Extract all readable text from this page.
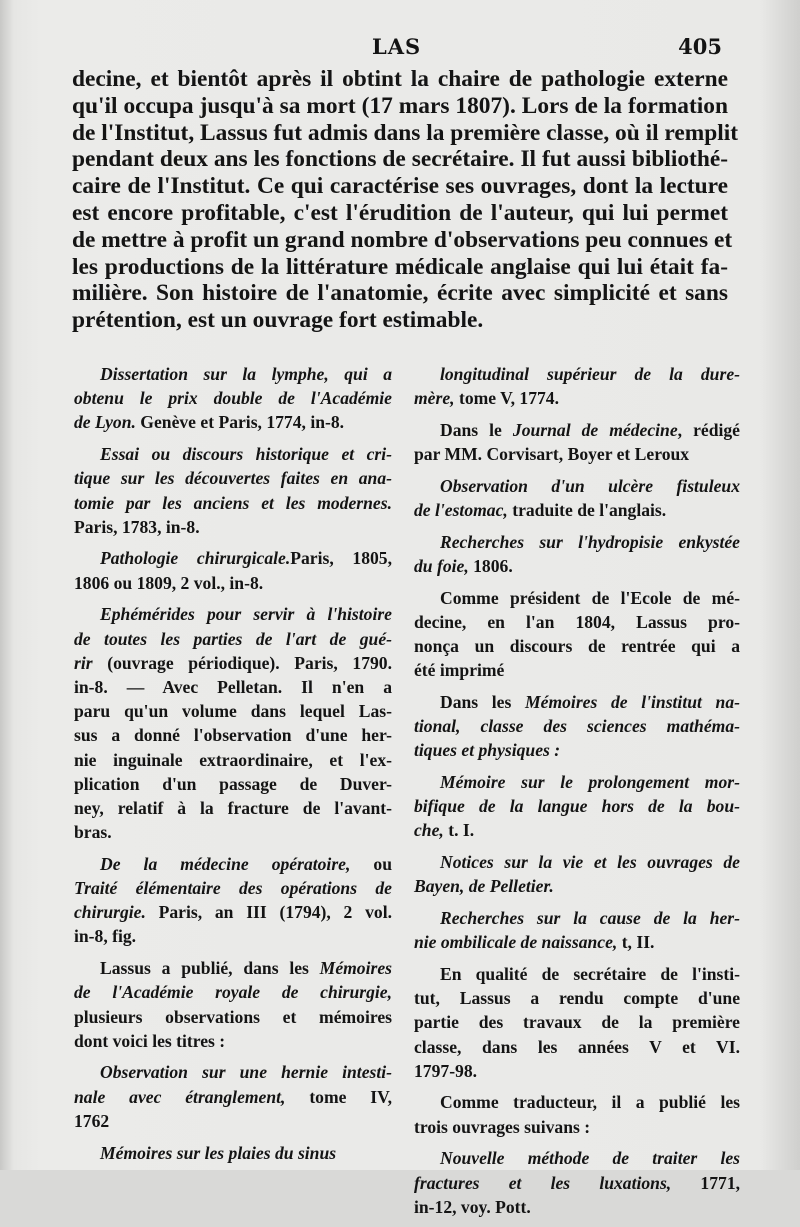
LAS	405
decine, et bientôt après il obtint la chaire de pathologie externe
qu'il occupa jusqu'à sa mort (17 mars 1807). Lors de la formation
de l'Institut, Lassus fut admis dans la première classe, où il remplit
pendant deux ans les fonctions de secrétaire. Il fut aussi bibliothé-
caire de l'Institut. Ce qui caractérise ses ouvrages, dont la lecture
est encore profitable, c'est l'érudition de l'auteur, qui lui permet
de mettre à profit un grand nombre d'observations peu connues et
les productions de la littérature médicale anglaise qui lui était fa-
milière. Son histoire de l'anatomie, écrite avec simplicité et sans
prétention, est un ouvrage fort estimable.
Dissertation sur la lymphe, qui a
obtenu le prix double de l'Académie
de Lyon. Genève et Paris, 1774, in-8.
Essai ou discours historique et cri-
tique sur les découvertes faites en ana-
tomie par les anciens et les modernes.
Paris, 1783, in-8.
Pathologie chirurgicale.Paris, 1805,
1806 ou 1809, 2 vol., in-8.
Ephémérides pour servir à l'histoire
de toutes les parties de l'art de gué-
rir (ouvrage périodique). Paris, 1790.
in-8. — Avec Pelletan. Il n'en a
paru qu'un volume dans lequel Las-
sus a donné l'observation d'une her-
nie inguinale extraordinaire, et l'ex-
plication d'un passage de Duver-
ney, relatif à la fracture de l'avant-
bras.
De la médecine opératoire, ou
Traité élémentaire des opérations de
chirurgie. Paris, an III (1794), 2 vol.
in-8, fig.
Lassus a publié, dans les Mémoires
de l'Académie royale de chirurgie,
plusieurs observations et mémoires
dont voici les titres :
Observation sur une hernie intesti-
nale avec étranglement, tome IV,
1762
Mémoires sur les plaies du sinus
longitudinal supérieur de la dure-
mère, tome V, 1774.
Dans le Journal de médecine, rédigé
par MM. Corvisart, Boyer et Leroux
Observation d'un ulcère fistuleux
de l'estomac, traduite de l'anglais.
Recherches sur l'hydropisie enkystée
du foie, 1806.
Comme président de l'Ecole de mé-
decine, en l'an 1804, Lassus pro-
nonça un discours de rentrée qui a
été imprimé
Dans les Mémoires de l'institut na-
tional, classe des sciences mathéma-
tiques et physiques :
Mémoire sur le prolongement mor-
bifique de la langue hors de la bou-
che, t. I.
Notices sur la vie et les ouvrages de
Bayen, de Pelletier.
Recherches sur la cause de la her-
nie ombilicale de naissance, t, II.
En qualité de secrétaire de l'insti-
tut, Lassus a rendu compte d'une
partie des travaux de la première
classe, dans les années V et VI.
1797-98.
Comme traducteur, il a publié les
trois ouvrages suivans :
Nouvelle méthode de traiter les
fractures et les luxations, 1771,
in-12, voy. Pott.
